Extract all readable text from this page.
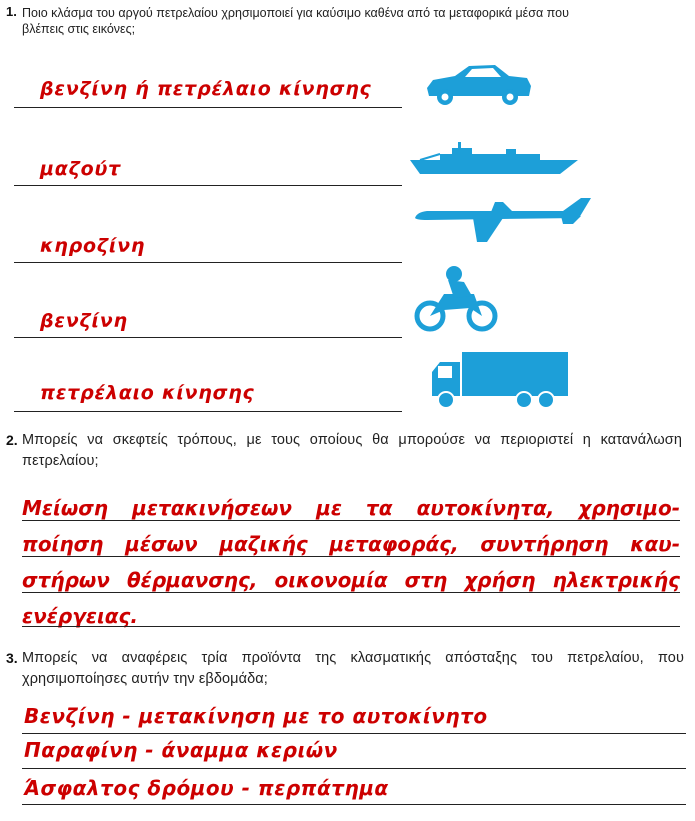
1. Ποιο κλάσμα του αργού πετρελαίου χρησιμοποιεί για καύσιμο καθένα από τα μεταφορικά μέσα που
βλέπεις στις εικόνες;
βενζίνη ή πετρέλαιο κίνησης
μαζούτ
κηροζίνη
βενζίνη
πετρέλαιο κίνησης
2. Μπορείς να σκεφτείς τρόπους, με τους οποίους θα μπορούσε να περιοριστεί η κατανάλωση
πετρελαίου;
Μείωση μετακινήσεων με τα αυτοκίνητα, χρησιμο-
ποίηση μέσων μαζικής μεταφοράς, συντήρηση καυ-
στήρων θέρμανσης, οικονομία στη χρήση ηλεκτρικής
ενέργειας.
3. Μπορείς να αναφέρεις τρία προϊόντα της κλασματικής απόσταξης του πετρελαίου, που
χρησιμοποίησες αυτήν την εβδομάδα;
Βενζίνη - μετακίνηση με το αυτοκίνητο
Παραφίνη - άναμμα κεριών
Άσφαλτος δρόμου - περπάτημα
